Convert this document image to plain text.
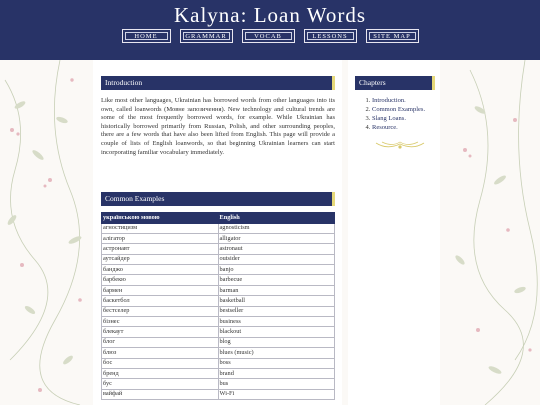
Kalyna: Loan Words
HOME	GRAMMAR	VOCAB	LESSONS	SITE MAP
Introduction
Like most other languages, Ukrainian has borrowed words from other languages into its own, called loanwords (Мовне запозичення). New technology and cultural trends are some of the most frequently borrowed words, for example. While Ukrainian has historically borrowed primarily from Russian, Polish, and other surrounding peoples, there are a few words that have also been lifted from English. This page will provide a couple of lists of English loanwords, so that beginning Ukrainian learners can start incorporating familiar vocabulary immediately.
Chapters
1. Introduction.
2. Common Examples.
3. Slang Loans.
4. Resource.
Common Examples
українською мовою	English
агностицизм	agnosticism
алігатор	alligator
астронавт	astronaut
аутсайдер	outsider
банджо	banjo
барбекю	barbecue
бармен	barman
баскетбол	basketball
бестселер	bestseller
бізнес	business
блекаут	blackout
блог	blog
блюз	blues (music)
бос	boss
бренд	brand
бус	bus
вайфай	Wi-Fi
